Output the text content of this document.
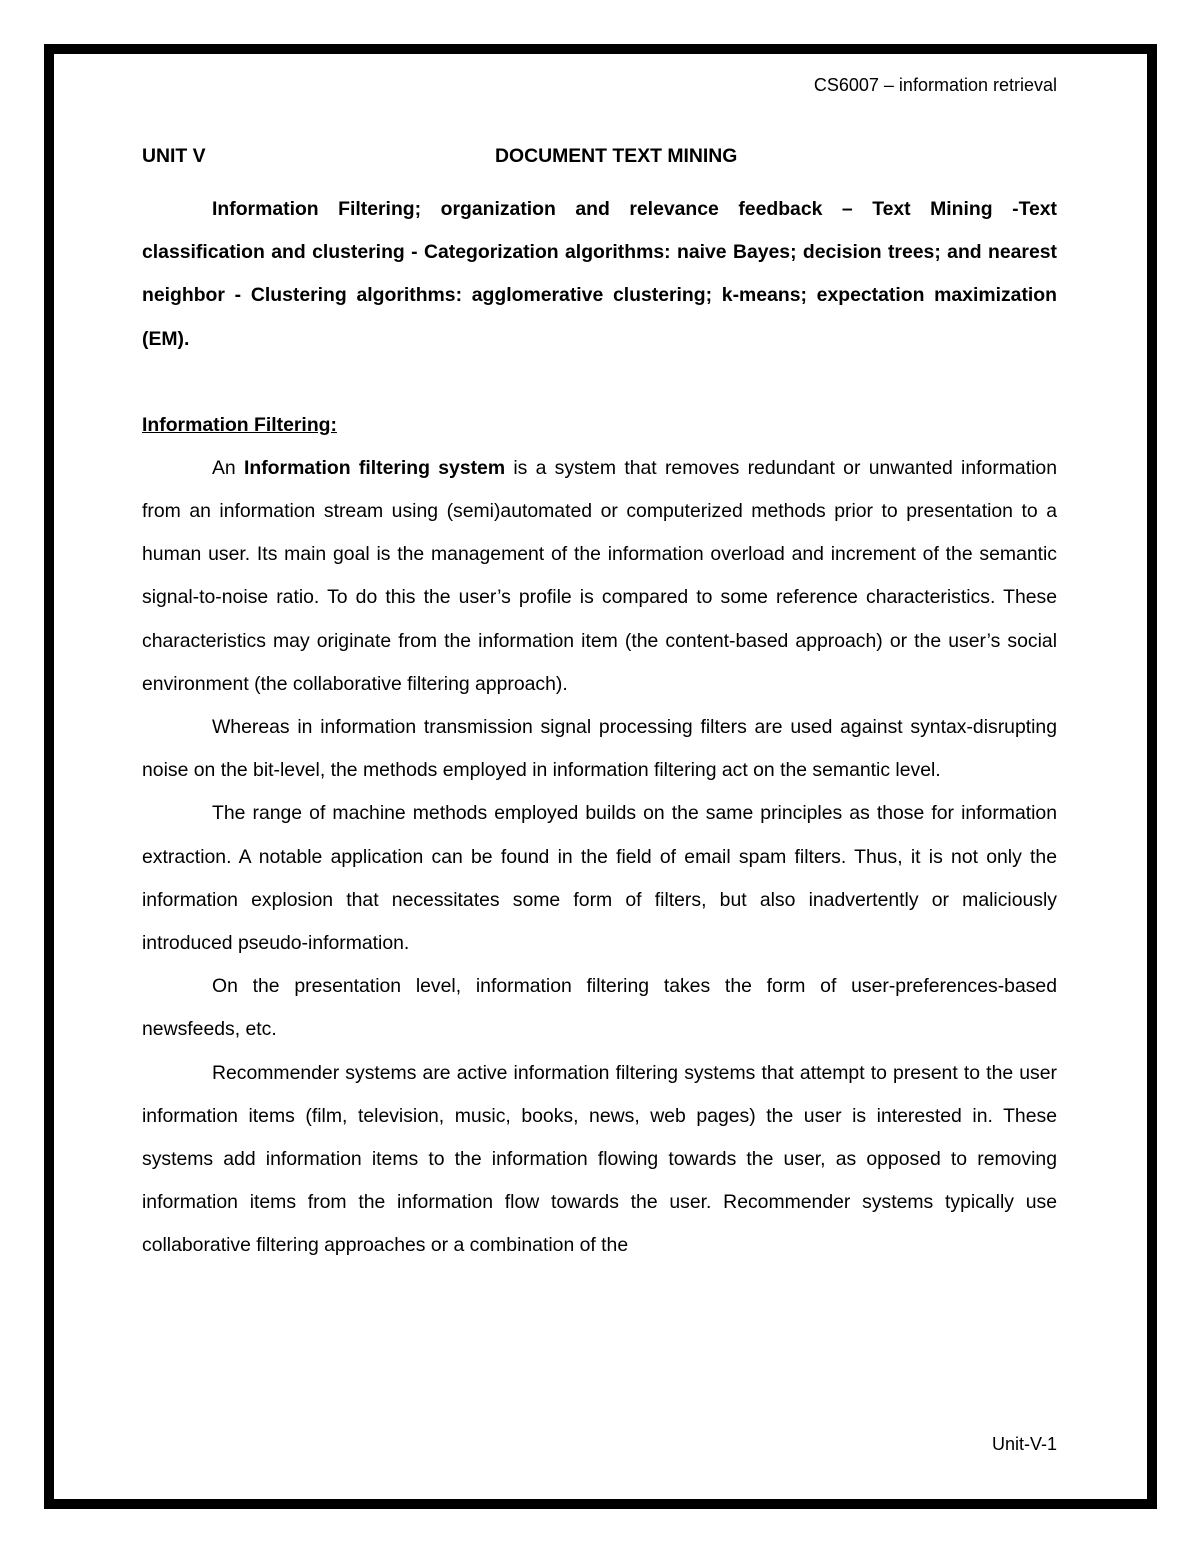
CS6007 – information retrieval
UNIT V	DOCUMENT TEXT MINING

Information Filtering; organization and relevance feedback – Text Mining -Text classification and clustering - Categorization algorithms: naive Bayes; decision trees; and nearest neighbor - Clustering algorithms: agglomerative clustering; k-means; expectation maximization (EM).

Information Filtering:

An Information filtering system is a system that removes redundant or unwanted information from an information stream using (semi)automated or computerized methods prior to presentation to a human user. Its main goal is the management of the information overload and increment of the semantic signal-to-noise ratio. To do this the user’s profile is compared to some reference characteristics. These characteristics may originate from the information item (the content-based approach) or the user’s social environment (the collaborative filtering approach).

Whereas in information transmission signal processing filters are used against syntax-disrupting noise on the bit-level, the methods employed in information filtering act on the semantic level.

The range of machine methods employed builds on the same principles as those for information extraction. A notable application can be found in the field of email spam filters. Thus, it is not only the information explosion that necessitates some form of filters, but also inadvertently or maliciously introduced pseudo-information.

On the presentation level, information filtering takes the form of user-preferences-based newsfeeds, etc.

Recommender systems are active information filtering systems that attempt to present to the user information items (film, television, music, books, news, web pages) the user is interested in. These systems add information items to the information flowing towards the user, as opposed to removing information items from the information flow towards the user. Recommender systems typically use collaborative filtering approaches or a combination of the

Unit-V-1
